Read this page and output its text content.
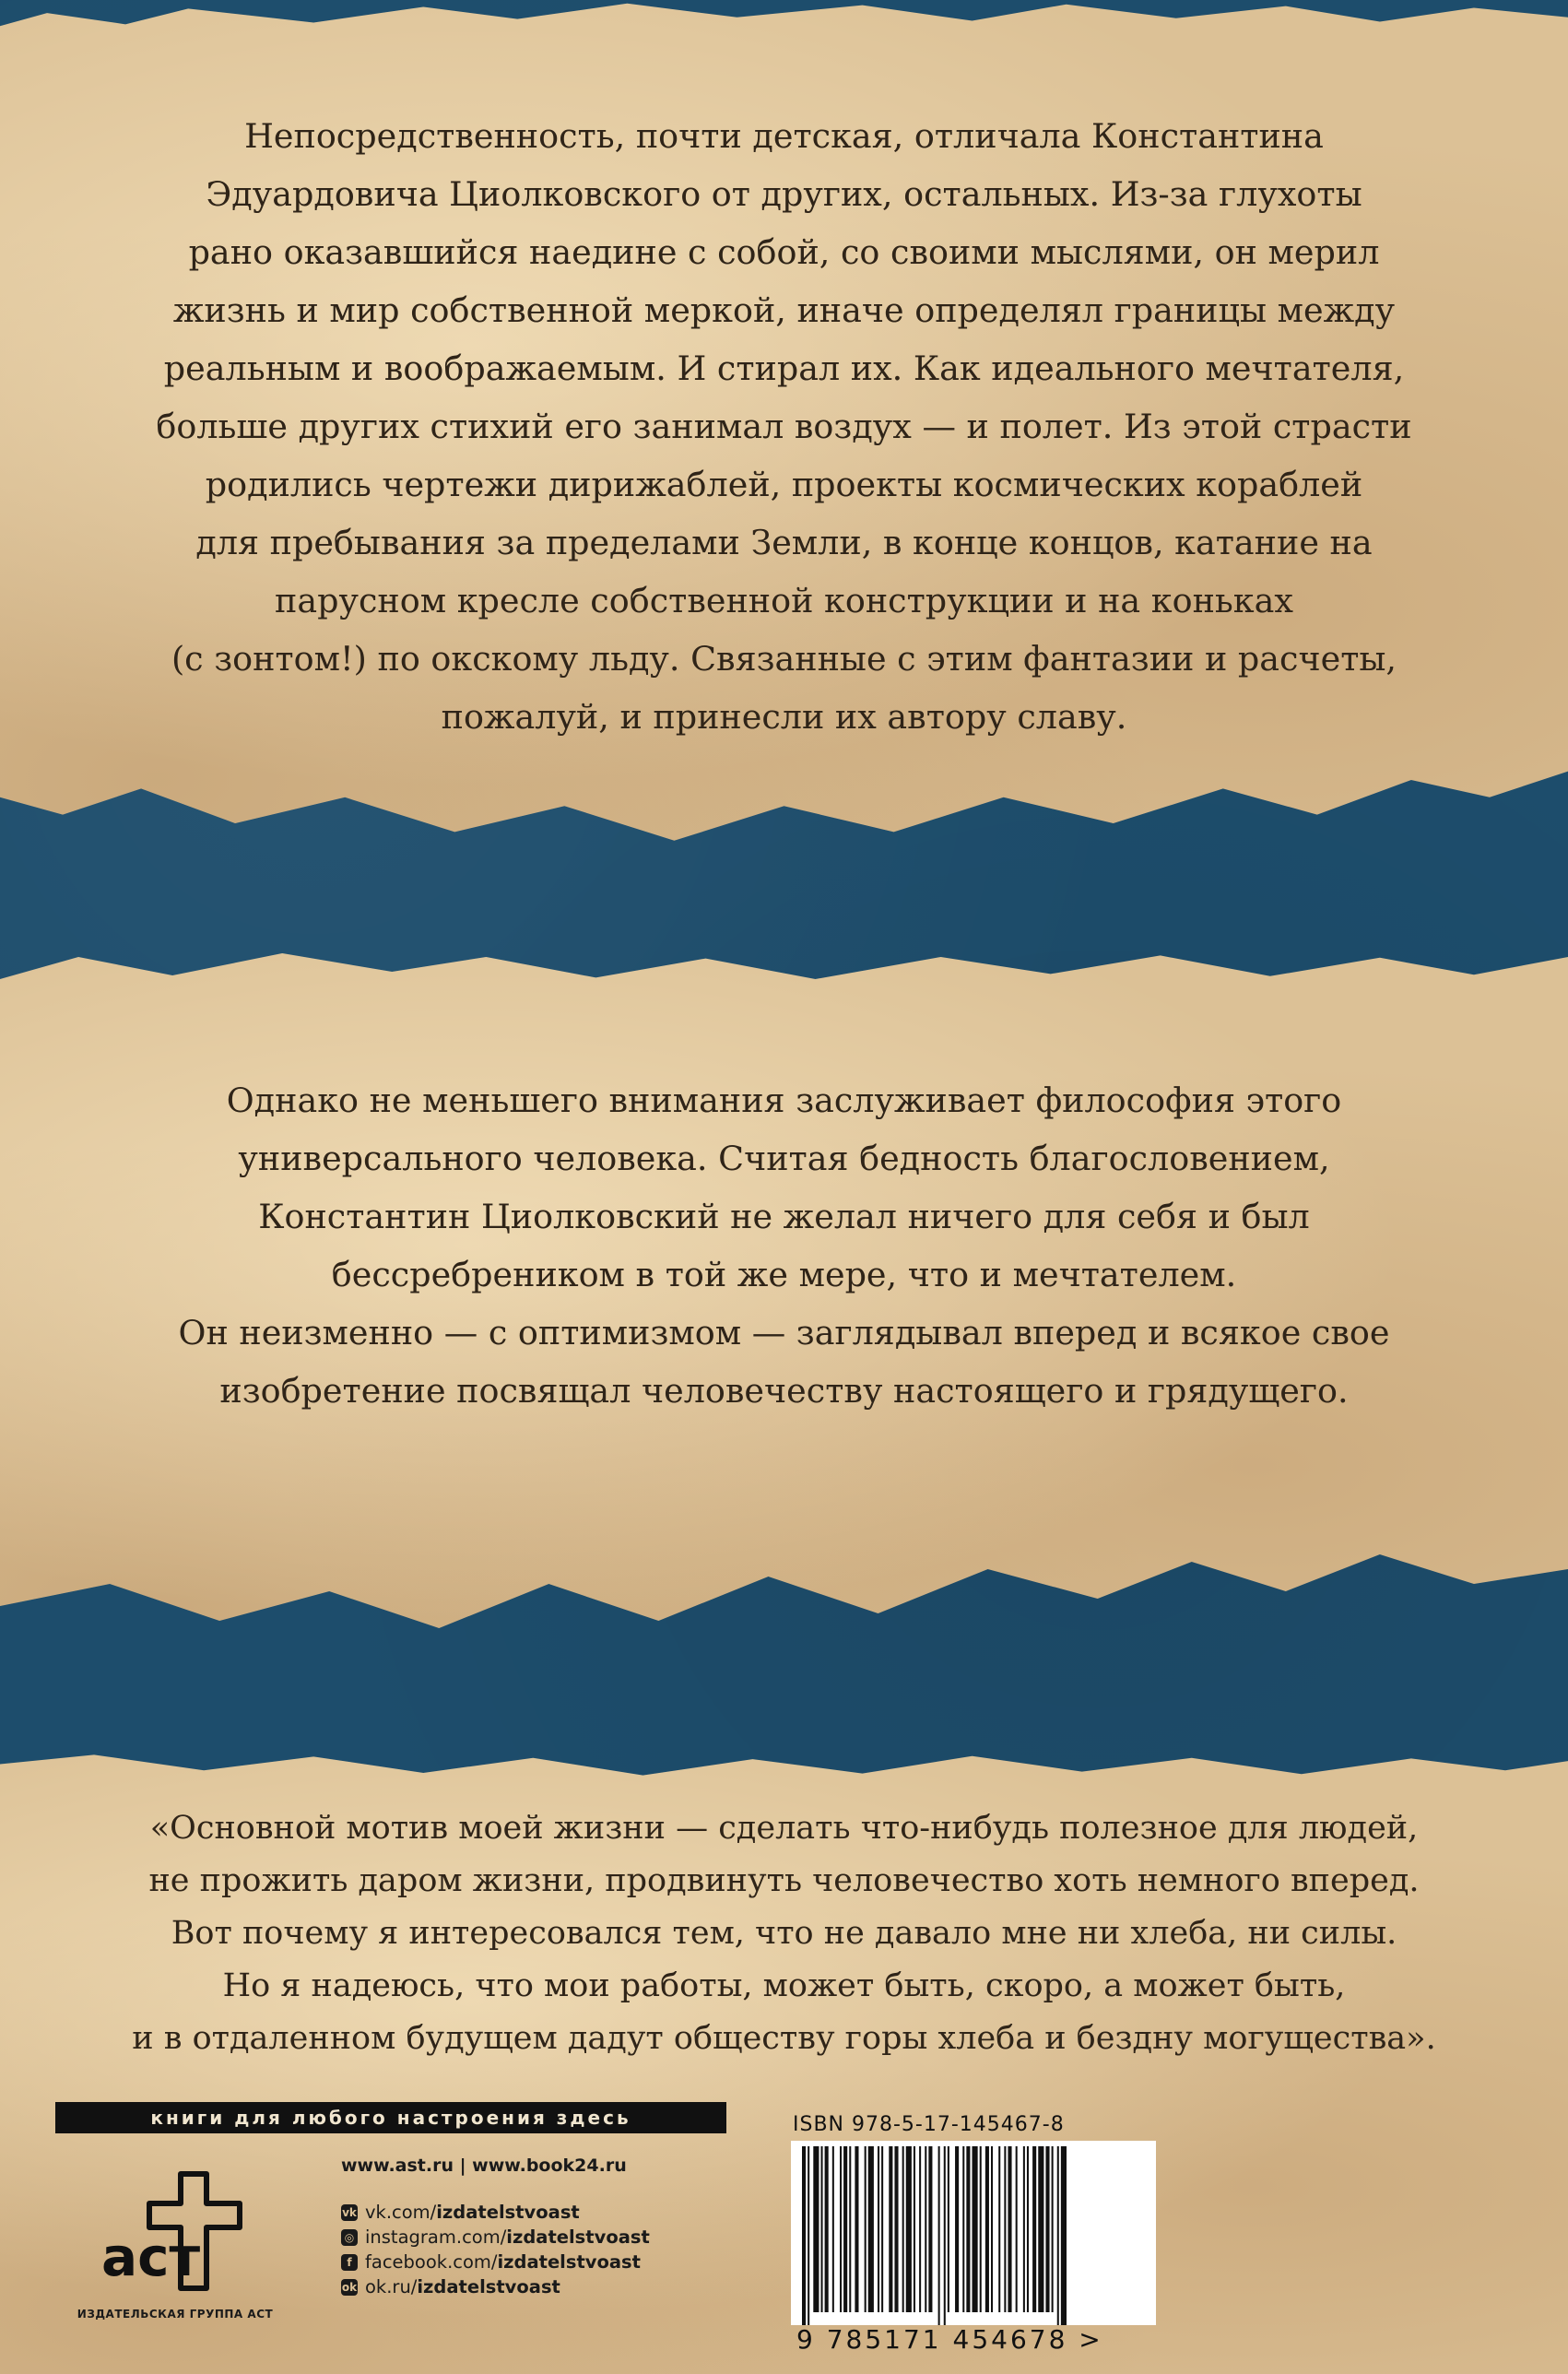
Непосредственность, почти детская, отличала Константина

Эдуардовича Циолковского от других, остальных. Из-за глухоты

рано оказавшийся наедине с собой, со своими мыслями, он мерил

жизнь и мир собственной меркой, иначе определял границы между

реальным и воображаемым. И стирал их. Как идеального мечтателя,

больше других стихий его занимал воздух — и полет. Из этой страсти

родились чертежи дирижаблей, проекты космических кораблей

для пребывания за пределами Земли, в конце концов, катание на

парусном кресле собственной конструкции и на коньках

(с зонтом!) по окскому льду. Связанные с этим фантазии и расчеты,

пожалуй, и принесли их автору славу.

Однако не меньшего внимания заслуживает философия этого

универсального человека. Считая бедность благословением,

Константин Циолковский не желал ничего для себя и был

бессребреником в той же мере, что и мечтателем.

Он неизменно — с оптимизмом — заглядывал вперед и всякое свое

изобретение посвящал человечеству настоящего и грядущего.

«Основной мотив моей жизни — сделать что-нибудь полезное для людей,

не прожить даром жизни, продвинуть человечество хоть немного вперед.

Вот почему я интересовался тем, что не давало мне ни хлеба, ни силы.

Но я надеюсь, что мои работы, может быть, скоро, а может быть,

и в отдаленном будущем дадут обществу горы хлеба и бездну могущества».

книги для любого настроения здесь
аст
ИЗДАТЕЛЬСКАЯ ГРУППА АСТ
www.ast.ru | www.book24.ru
vk vk.com/ izdatelstvoast
◎ instagram.com/ izdatelstvoast
f facebook.com/ izdatelstvoast
ok ok.ru/ izdatelstvoast
ISBN 978-5-17-145467-8
9 785171 454678 >
